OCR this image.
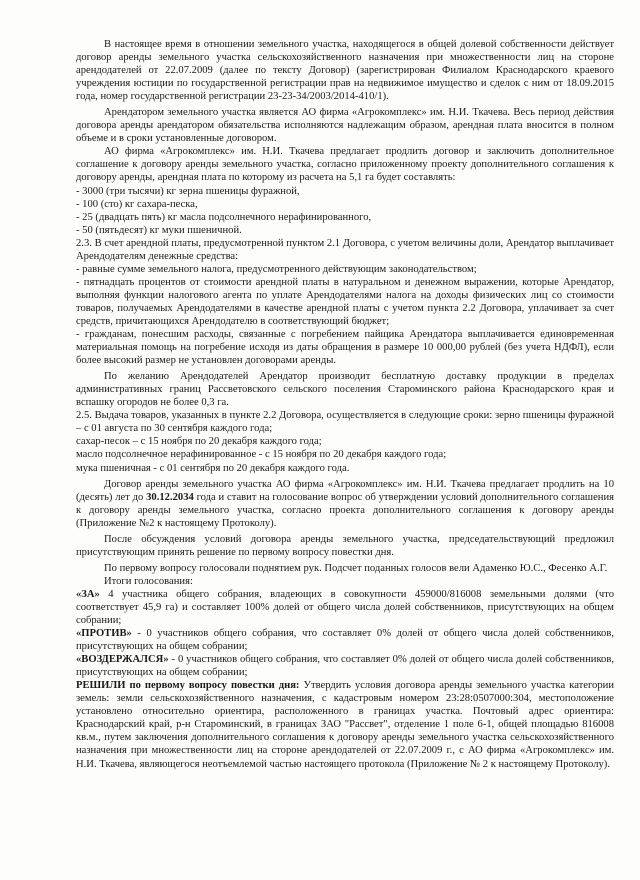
В настоящее время в отношении земельного участка, находящегося в общей долевой собственности действует договор аренды земельного участка сельскохозяйственного назначения при множественности лиц на стороне арендодателей от 22.07.2009 (далее по тексту Договор) (зарегистрирован Филиалом Краснодарского краевого учреждения юстиции по государственной регистрации прав на недвижимое имущество и сделок с ним от 18.09.2015 года, номер государственной регистрации 23-23-34/2003/2014-410/1).

Арендатором земельного участка является АО фирма «Агрокомплекс» им. Н.И. Ткачева. Весь период действия договора аренды арендатором обязательства исполняются надлежащим образом, арендная плата вносится в полном объеме и в сроки установленные договором.

АО фирма «Агрокомплекс» им. Н.И. Ткачева предлагает продлить договор и заключить дополнительное соглашение к договору аренды земельного участка, согласно приложенному проекту дополнительного соглашения к договору аренды, арендная плата по которому из расчета на 5,1 га будет составлять:

- 3000 (три тысячи) кг зерна пшеницы фуражной,

- 100 (сто) кг сахара-песка,

- 25 (двадцать пять) кг масла подсолнечного нерафинированного,

- 50 (пятьдесят) кг муки пшеничной.

2.3. В счет арендной платы, предусмотренной пунктом 2.1 Договора, с учетом величины доли, Арендатор выплачивает Арендодателям денежные средства:

- равные сумме земельного налога, предусмотренного действующим законодательством;

- пятнадцать процентов от стоимости арендной платы в натуральном и денежном выражении, которые Арендатор, выполняя функции налогового агента по уплате Арендодателями налога на доходы физических лиц со стоимости товаров, получаемых Арендодателями в качестве арендной платы с учетом пункта 2.2 Договора, уплачивает за счет средств, причитающихся Арендодателю в соответствующий бюджет;

- гражданам, понесшим расходы, связанные с погребением пайщика Арендатора выплачивается единовременная материальная помощь на погребение исходя из даты обращения в размере 10 000,00 рублей (без учета НДФЛ), если более высокий размер не установлен договорами аренды.

По желанию Арендодателей Арендатор производит бесплатную доставку продукции в пределах административных границ Рассветовского сельского поселения Староминского района Краснодарского края и вспашку огородов не более 0,3 га.

2.5. Выдача товаров, указанных в пункте 2.2 Договора, осуществляется в следующие сроки: зерно пшеницы фуражной – с 01 августа по 30 сентября каждого года;

сахар-песок – с 15 ноября по 20 декабря каждого года;

масло подсолнечное нерафинированное - с 15 ноября по 20 декабря каждого года;

мука пшеничная - с 01 сентября по 20 декабря каждого года.

Договор аренды земельного участка АО фирма «Агрокомплекс» им. Н.И. Ткачева предлагает продлить на 10 (десять) лет до 30.12.2034 года и ставит на голосование вопрос об утверждении условий дополнительного соглашения к договору аренды земельного участка, согласно проекта дополнительного соглашения к договору аренды (Приложение №2 к настоящему Протоколу).

После обсуждения условий договора аренды земельного участка, председательствующий предложил присутствующим принять решение по первому вопросу повестки дня.

По первому вопросу голосовали поднятием рук. Подсчет поданных голосов вели Адаменко Ю.С., Фесенко А.Г.

Итоги голосования:

«ЗА» 4 участника общего собрания, владеющих в совокупности 459000/816008 земельными долями (что соответствует 45,9 га) и составляет 100% долей от общего числа долей собственников, присутствующих на общем собрании;

«ПРОТИВ» - 0 участников общего собрания, что составляет 0% долей от общего числа долей собственников, присутствующих на общем собрании;

«ВОЗДЕРЖАЛСЯ» - 0 участников общего собрания, что составляет 0% долей от общего числа долей собственников, присутствующих на общем собрании;

РЕШИЛИ по первому вопросу повестки дня: Утвердить условия договора аренды земельного участка категории земель: земли сельскохозяйственного назначения, с кадастровым номером 23:28:0507000:304, местоположение установлено относительно ориентира, расположенного в границах участка. Почтовый адрес ориентира: Краснодарский край, р-н Староминский, в границах ЗАО "Рассвет", отделение 1 поле 6-1, общей площадью 816008 кв.м., путем заключения дополнительного соглашения к договору аренды земельного участка сельскохозяйственного назначения при множественности лиц на стороне арендодателей от 22.07.2009 г., с АО фирма «Агрокомплекс» им. Н.И. Ткачева, являющегося неотъемлемой частью настоящего протокола (Приложение № 2 к настоящему Протоколу).
